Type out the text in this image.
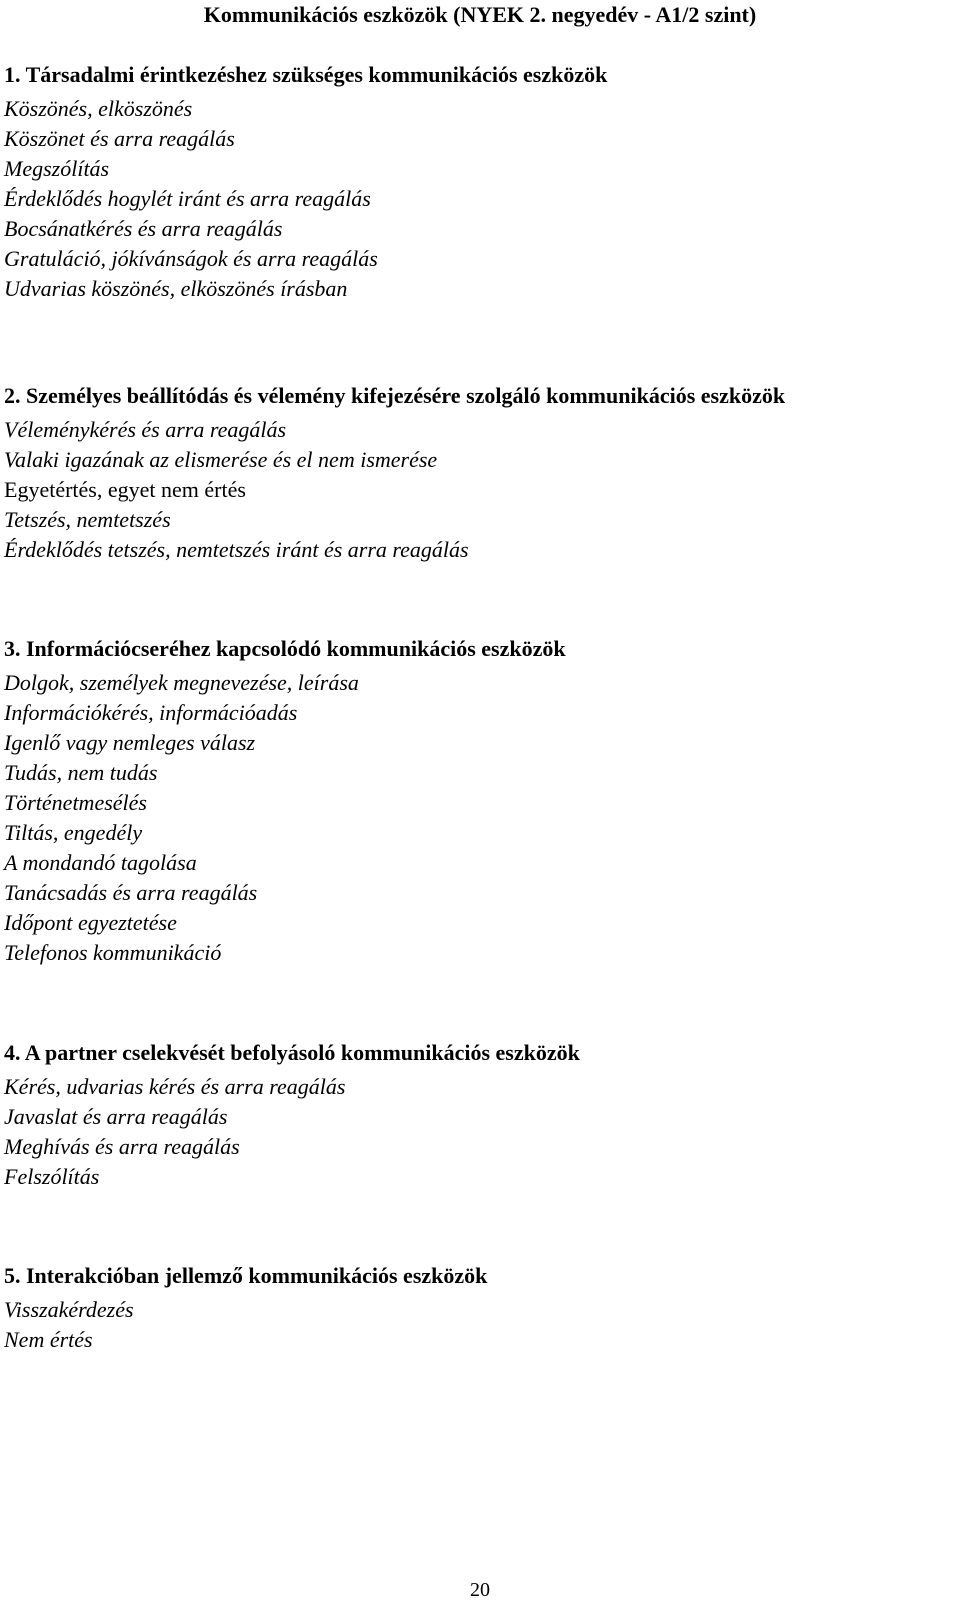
Kommunikációs eszközök (NYEK 2. negyedév - A1/2 szint)
1. Társadalmi érintkezéshez szükséges kommunikációs eszközök
Köszönés, elköszönés
Köszönet és arra reagálás
Megszólítás
Érdeklődés hogylét iránt és arra reagálás
Bocsánatkérés és arra reagálás
Gratuláció, jókívánságok és arra reagálás
Udvarias köszönés, elköszönés írásban
2. Személyes beállítódás és vélemény kifejezésére szolgáló kommunikációs eszközök
Véleménykérés és arra reagálás
Valaki igazának az elismerése és el nem ismerése
Egyetértés, egyet nem értés
Tetszés, nemtetszés
Érdeklődés tetszés, nemtetszés iránt és arra reagálás
3. Információcseréhez kapcsolódó kommunikációs eszközök
Dolgok, személyek megnevezése, leírása
Információkérés, információadás
Igenlő vagy nemleges válasz
Tudás, nem tudás
Történetmesélés
Tiltás, engedély
A mondandó tagolása
Tanácsadás és arra reagálás
Időpont egyeztetése
Telefonos kommunikáció
4. A partner cselekvését befolyásoló kommunikációs eszközök
Kérés, udvarias kérés és arra reagálás
Javaslat és arra reagálás
Meghívás és arra reagálás
Felszólítás
5. Interakcióban jellemző kommunikációs eszközök
Visszakérdezés
Nem értés
20
